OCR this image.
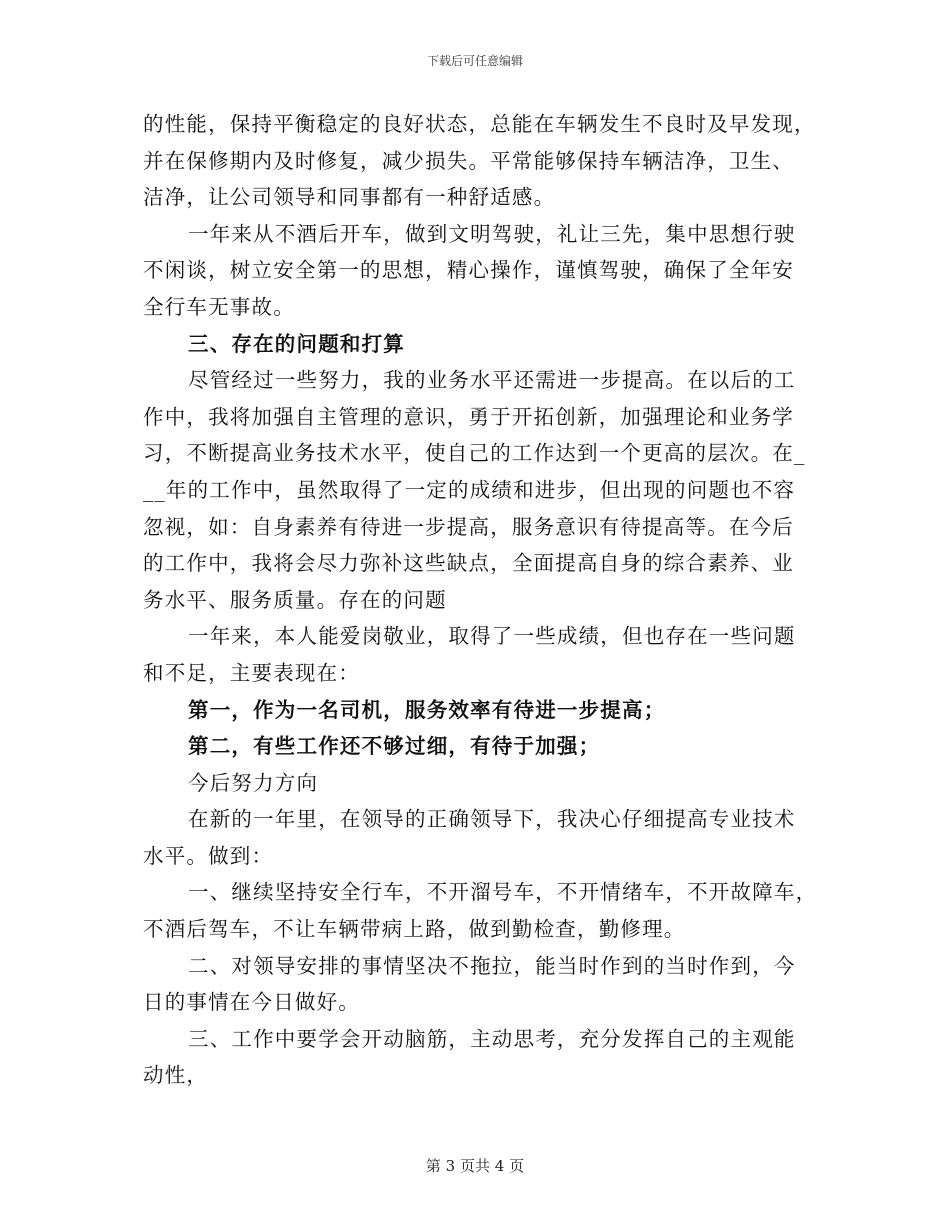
下载后可任意编辑

的性能，保持平衡稳定的良好状态，总能在车辆发生不良时及早发现，

并在保修期内及时修复，减少损失。平常能够保持车辆洁净，卫生、

洁净，让公司领导和同事都有一种舒适感。

一年来从不酒后开车，做到文明驾驶，礼让三先，集中思想行驶

不闲谈，树立安全第一的思想，精心操作，谨慎驾驶，确保了全年安

全行车无事故。

三、存在的问题和打算

尽管经过一些努力，我的业务水平还需进一步提高。在以后的工

作中，我将加强自主管理的意识，勇于开拓创新，加强理论和业务学

习，不断提高业务技术水平，使自己的工作达到一个更高的层次。在_

__年的工作中，虽然取得了一定的成绩和进步，但出现的问题也不容

忽视，如：自身素养有待进一步提高，服务意识有待提高等。在今后

的工作中，我将会尽力弥补这些缺点，全面提高自身的综合素养、业

务水平、服务质量。存在的问题

一年来，本人能爱岗敬业，取得了一些成绩，但也存在一些问题

和不足，主要表现在：

第一，作为一名司机，服务效率有待进一步提高；

第二，有些工作还不够过细，有待于加强；

今后努力方向

在新的一年里，在领导的正确领导下，我决心仔细提高专业技术

水平。做到：

一、继续坚持安全行车，不开溜号车，不开情绪车，不开故障车，

不酒后驾车，不让车辆带病上路，做到勤检查，勤修理。

二、对领导安排的事情坚决不拖拉，能当时作到的当时作到，今

日的事情在今日做好。

三、工作中要学会开动脑筋，主动思考，充分发挥自己的主观能

动性，

第 3 页共 4 页
